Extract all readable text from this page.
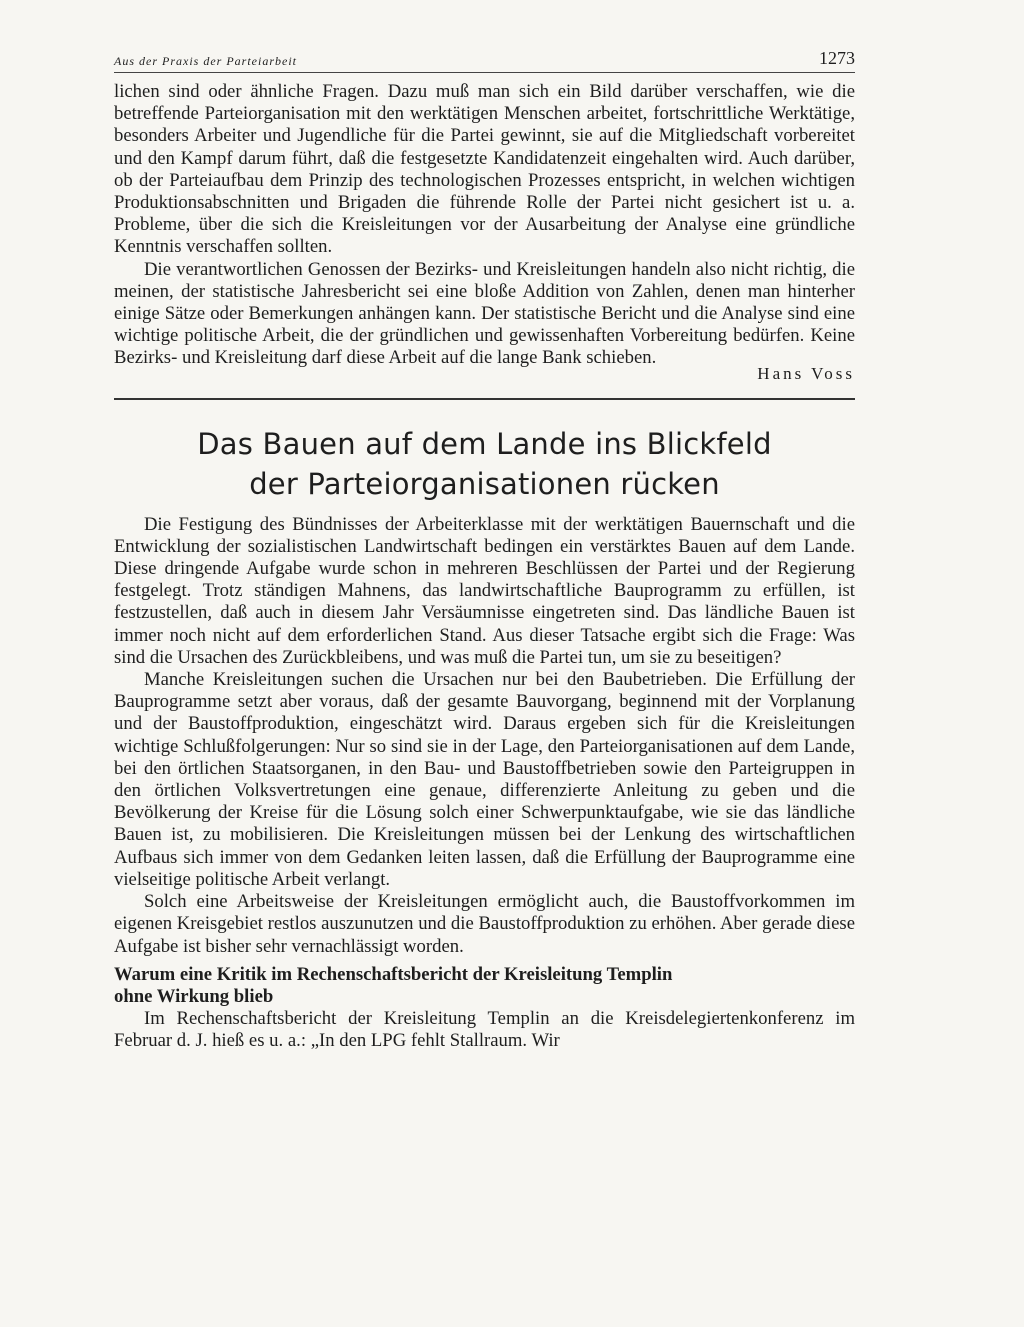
Aus der Praxis der Parteiarbeit	1273

lichen sind oder ähnliche Fragen. Dazu muß man sich ein Bild darüber verschaffen, wie die betreffende Parteiorganisation mit den werktätigen Menschen arbeitet, fortschrittliche Werktätige, besonders Arbeiter und Jugendliche für die Partei gewinnt, sie auf die Mitgliedschaft vorbereitet und den Kampf darum führt, daß die festgesetzte Kandidatenzeit eingehalten wird. Auch darüber, ob der Parteiaufbau dem Prinzip des technologischen Prozesses entspricht, in welchen wichtigen Produktionsabschnitten und Brigaden die führende Rolle der Partei nicht gesichert ist u. a. Probleme, über die sich die Kreisleitungen vor der Ausarbeitung der Analyse eine gründliche Kenntnis verschaffen sollten.

Die verantwortlichen Genossen der Bezirks- und Kreisleitungen handeln also nicht richtig, die meinen, der statistische Jahresbericht sei eine bloße Addition von Zahlen, denen man hinterher einige Sätze oder Bemerkungen anhängen kann. Der statistische Bericht und die Analyse sind eine wichtige politische Arbeit, die der gründlichen und gewissenhaften Vorbereitung bedürfen. Keine Bezirks- und Kreisleitung darf diese Arbeit auf die lange Bank schieben.

Hans Voss
Das Bauen auf dem Lande ins Blickfeld
der Parteiorganisationen rücken

Die Festigung des Bündnisses der Arbeiterklasse mit der werktätigen Bauernschaft und die Entwicklung der sozialistischen Landwirtschaft bedingen ein verstärktes Bauen auf dem Lande. Diese dringende Aufgabe wurde schon in mehreren Beschlüssen der Partei und der Regierung festgelegt. Trotz ständigen Mahnens, das landwirtschaftliche Bauprogramm zu erfüllen, ist festzustellen, daß auch in diesem Jahr Versäumnisse eingetreten sind. Das ländliche Bauen ist immer noch nicht auf dem erforderlichen Stand. Aus dieser Tatsache ergibt sich die Frage: Was sind die Ursachen des Zurückbleibens, und was muß die Partei tun, um sie zu beseitigen?

Manche Kreisleitungen suchen die Ursachen nur bei den Baubetrieben. Die Erfüllung der Bauprogramme setzt aber voraus, daß der gesamte Bauvorgang, beginnend mit der Vorplanung und der Baustoffproduktion, eingeschätzt wird. Daraus ergeben sich für die Kreisleitungen wichtige Schlußfolgerungen: Nur so sind sie in der Lage, den Parteiorganisationen auf dem Lande, bei den örtlichen Staatsorganen, in den Bau- und Baustoffbetrieben sowie den Parteigruppen in den örtlichen Volksvertretungen eine genaue, differenzierte Anleitung zu geben und die Bevölkerung der Kreise für die Lösung solch einer Schwerpunktaufgabe, wie sie das ländliche Bauen ist, zu mobilisieren. Die Kreisleitungen müssen bei der Lenkung des wirtschaftlichen Aufbaus sich immer von dem Gedanken leiten lassen, daß die Erfüllung der Bauprogramme eine vielseitige politische Arbeit verlangt.

Solch eine Arbeitsweise der Kreisleitungen ermöglicht auch, die Baustoffvorkommen im eigenen Kreisgebiet restlos auszunutzen und die Baustoffproduktion zu erhöhen. Aber gerade diese Aufgabe ist bisher sehr vernachlässigt worden.

Warum eine Kritik im Rechenschaftsbericht der Kreisleitung Templin
ohne Wirkung blieb

Im Rechenschaftsbericht der Kreisleitung Templin an die Kreisdelegiertenkonferenz im Februar d. J. hieß es u. a.: „In den LPG fehlt Stallraum. Wir
